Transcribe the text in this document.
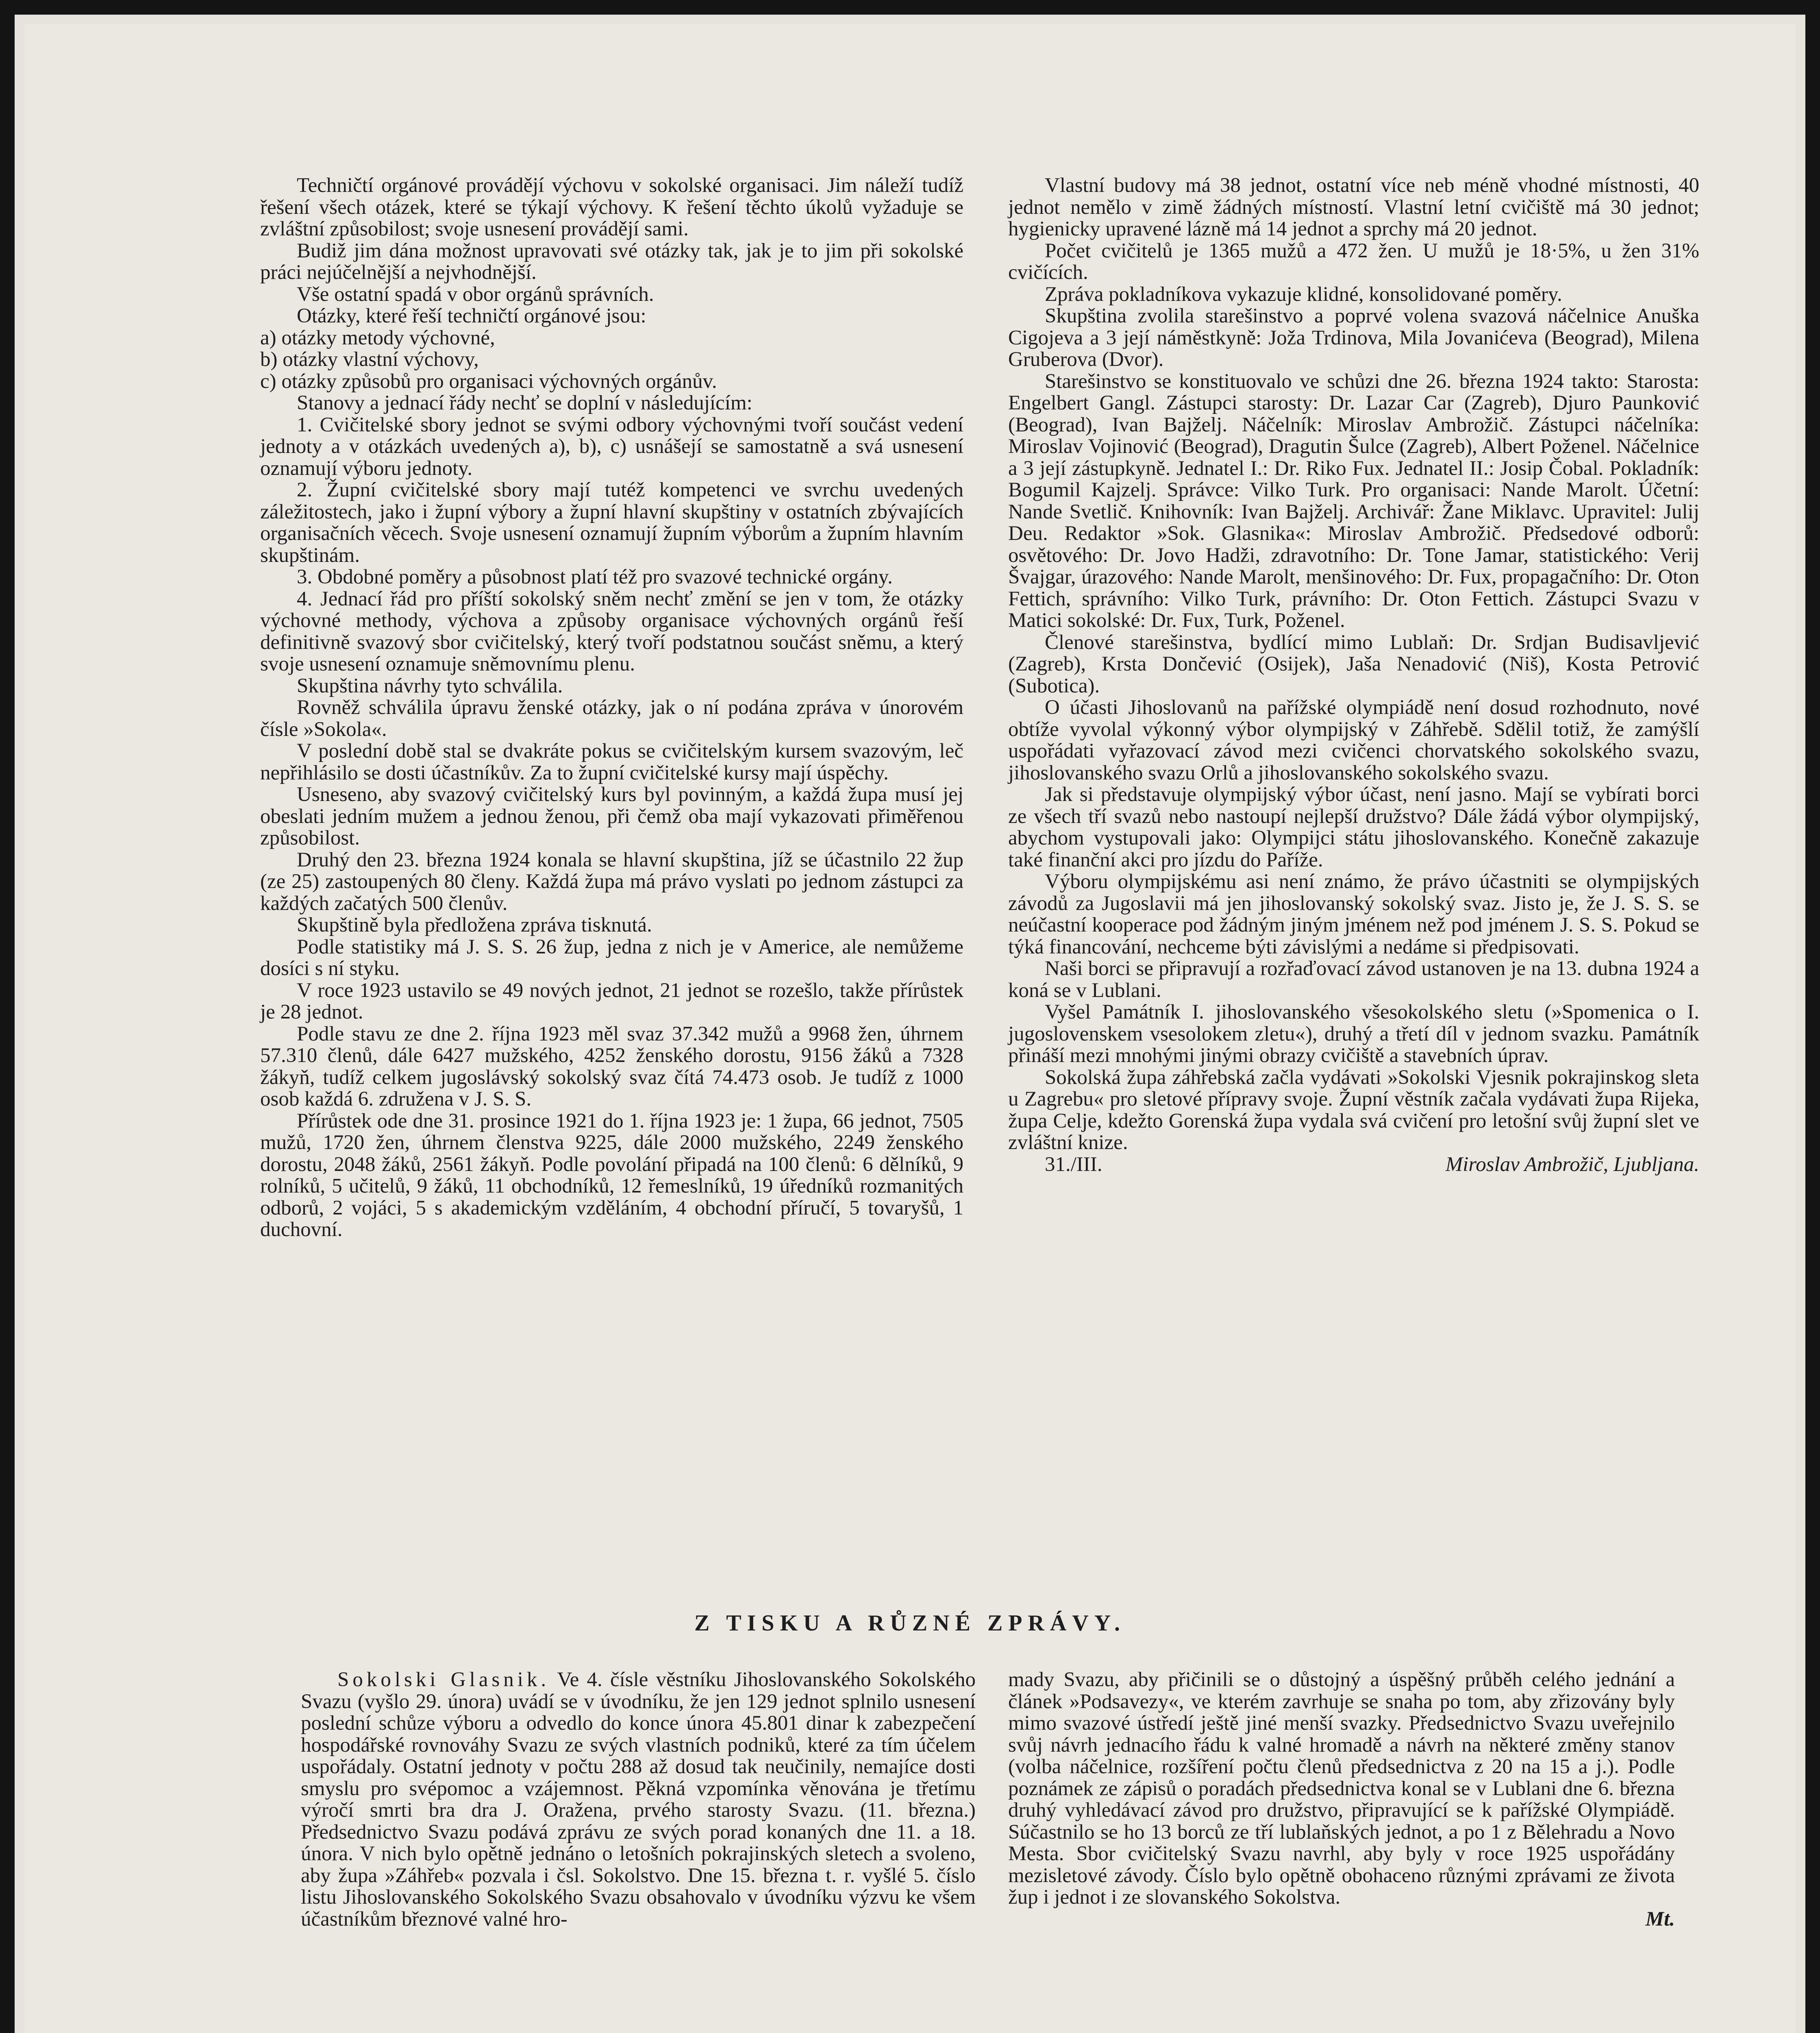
Techničtí orgánové provádějí výchovu v sokolské organisaci. Jim náleží tudíž řešení všech otázek, které se týkají výchovy. K řešení těchto úkolů vyžaduje se zvláštní způsobilost; svoje usnesení provádějí sami.

Budiž jim dána možnost upravovati své otázky tak, jak je to jim při sokolské práci nejúčelnější a nejvhodnější.

Vše ostatní spadá v obor orgánů správních.

Otázky, které řeší techničtí orgánové jsou:

a) otázky metody výchovné,

b) otázky vlastní výchovy,

c) otázky způsobů pro organisaci výchovných orgánův.

Stanovy a jednací řády nechť se doplní v následujícím:

1. Cvičitelské sbory jednot se svými odbory výchovnými tvoří součást vedení jednoty a v otázkách uvedených a), b), c) usnášejí se samostatně a svá usnesení oznamují výboru jednoty.

2. Župní cvičitelské sbory mají tutéž kompetenci ve svrchu uvedených záležitostech, jako i župní výbory a župní hlavní skupštiny v ostatních zbývajících organisačních věcech. Svoje usnesení oznamují župním výborům a župním hlavním skupštinám.

3. Obdobné poměry a působnost platí též pro svazové technické orgány.

4. Jednací řád pro příští sokolský sněm nechť změní se jen v tom, že otázky výchovné methody, výchova a způsoby organisace výchovných orgánů řeší definitivně svazový sbor cvičitelský, který tvoří podstatnou součást sněmu, a který svoje usnesení oznamuje sněmovnímu plenu.

Skupština návrhy tyto schválila.

Rovněž schválila úpravu ženské otázky, jak o ní podána zpráva v únorovém čísle »Sokola«.

V poslední době stal se dvakráte pokus se cvičitelským kursem svazovým, leč nepřihlásilo se dosti účastníkův. Za to župní cvičitelské kursy mají úspěchy.

Usneseno, aby svazový cvičitelský kurs byl povinným, a každá župa musí jej obeslati jedním mužem a jednou ženou, při čemž oba mají vykazovati přiměřenou způsobilost.

Druhý den 23. března 1924 konala se hlavní skupština, jíž se účastnilo 22 žup (ze 25) zastoupených 80 členy. Každá župa má právo vyslati po jednom zástupci za každých začatých 500 členův.

Skupštině byla předložena zpráva tisknutá.

Podle statistiky má J. S. S. 26 žup, jedna z nich je v Americe, ale nemůžeme dosíci s ní styku.

V roce 1923 ustavilo se 49 nových jednot, 21 jednot se rozešlo, takže přírůstek je 28 jednot.

Podle stavu ze dne 2. října 1923 měl svaz 37.342 mužů a 9968 žen, úhrnem 57.310 členů, dále 6427 mužského, 4252 ženského dorostu, 9156 žáků a 7328 žákyň, tudíž celkem jugoslávský sokolský svaz čítá 74.473 osob. Je tudíž z 1000 osob každá 6. združena v J. S. S.

Přírůstek ode dne 31. prosince 1921 do 1. října 1923 je: 1 župa, 66 jednot, 7505 mužů, 1720 žen, úhrnem členstva 9225, dále 2000 mužského, 2249 ženského dorostu, 2048 žáků, 2561 žákyň. Podle povolání připadá na 100 členů: 6 dělníků, 9 rolníků, 5 učitelů, 9 žáků, 11 obchodníků, 12 řemeslníků, 19 úředníků rozmanitých odborů, 2 vojáci, 5 s akademickým vzděláním, 4 obchodní příručí, 5 tovaryšů, 1 duchovní.

Vlastní budovy má 38 jednot, ostatní více neb méně vhodné místnosti, 40 jednot nemělo v zimě žádných místností. Vlastní letní cvičiště má 30 jednot; hygienicky upravené lázně má 14 jednot a sprchy má 20 jednot.

Počet cvičitelů je 1365 mužů a 472 žen. U mužů je 18·5%, u žen 31% cvičících.

Zpráva pokladníkova vykazuje klidné, konsolidované poměry.

Skupština zvolila starešinstvo a poprvé volena svazová náčelnice Anuška Cigojeva a 3 její náměstkyně: Joža Trdinova, Mila Jovanićeva (Beograd), Milena Gruberova (Dvor).

Starešinstvo se konstituovalo ve schůzi dne 26. března 1924 takto: Starosta: Engelbert Gangl. Zástupci starosty: Dr. Lazar Car (Zagreb), Djuro Paunković (Beograd), Ivan Bajželj. Náčelník: Miroslav Ambrožič. Zástupci náčelníka: Miroslav Vojinović (Beograd), Dragutin Šulce (Zagreb), Albert Poženel. Náčelnice a 3 její zástupkyně. Jednatel I.: Dr. Riko Fux. Jednatel II.: Josip Čobal. Pokladník: Bogumil Kajzelj. Správce: Vilko Turk. Pro organisaci: Nande Marolt. Účetní: Nande Svetlič. Knihovník: Ivan Bajželj. Archivář: Žane Miklavc. Upravitel: Julij Deu. Redaktor »Sok. Glasnika«: Miroslav Ambrožič. Předsedové odborů: osvětového: Dr. Jovo Hadži, zdravotního: Dr. Tone Jamar, statistického: Verij Švajgar, úrazového: Nande Marolt, menšinového: Dr. Fux, propagačního: Dr. Oton Fettich, správního: Vilko Turk, právního: Dr. Oton Fettich. Zástupci Svazu v Matici sokolské: Dr. Fux, Turk, Poženel.

Členové starešinstva, bydlící mimo Lublaň: Dr. Srdjan Budisavljević (Zagreb), Krsta Dončević (Osijek), Jaša Nenadović (Niš), Kosta Petrović (Subotica).

O účasti Jihoslovanů na pařížské olympiádě není dosud rozhodnuto, nové obtíže vyvolal výkonný výbor olympijský v Záhřebě. Sdělil totiž, že zamýšlí uspořádati vyřazovací závod mezi cvičenci chorvatského sokolského svazu, jihoslovanského svazu Orlů a jihoslovanského sokolského svazu.

Jak si představuje olympijský výbor účast, není jasno. Mají se vybírati borci ze všech tří svazů nebo nastoupí nejlepší družstvo? Dále žádá výbor olympijský, abychom vystupovali jako: Olympijci státu jihoslovanského. Konečně zakazuje také finanční akci pro jízdu do Paříže.

Výboru olympijskému asi není známo, že právo účastniti se olympijských závodů za Jugoslavii má jen jihoslovanský sokolský svaz. Jisto je, že J. S. S. se neúčastní kooperace pod žádným jiným jménem než pod jménem J. S. S. Pokud se týká financování, nechceme býti závislými a nedáme si předpisovati.

Naši borci se připravují a rozřaďovací závod ustanoven je na 13. dubna 1924 a koná se v Lublani.

Vyšel Památník I. jihoslovanského všesokolského sletu (»Spomenica o I. jugoslovenskem vsesolokem zletu«), druhý a třetí díl v jednom svazku. Památník přináší mezi mnohými jinými obrazy cvičiště a stavebních úprav.

Sokolská župa záhřebská začla vydávati »Sokolski Vjesnik pokrajinskog sleta u Zagrebu« pro sletové přípravy svoje. Župní věstník začala vydávati župa Rijeka, župa Celje, kdežto Gorenská župa vydala svá cvičení pro letošní svůj župní slet ve zvláštní knize.

31./III.	Miroslav Ambrožič, Ljubljana.

Z TISKU A RŮZNÉ ZPRÁVY.

Sokolski Glasnik. Ve 4. čísle věstníku Jihoslovanského Sokolského Svazu (vyšlo 29. února) uvádí se v úvodníku, že jen 129 jednot splnilo usnesení poslední schůze výboru a odvedlo do konce února 45.801 dinar k zabezpečení hospodářské rovnováhy Svazu ze svých vlastních podniků, které za tím účelem uspořádaly. Ostatní jednoty v počtu 288 až dosud tak neučinily, nemajíce dosti smyslu pro svépomoc a vzájemnost. Pěkná vzpomínka věnována je třetímu výročí smrti bra dra J. Oražena, prvého starosty Svazu. (11. března.) Předsednictvo Svazu podává zprávu ze svých porad konaných dne 11. a 18. února. V nich bylo opětně jednáno o letošních pokrajinských sletech a svoleno, aby župa »Záhřeb« pozvala i čsl. Sokolstvo. Dne 15. března t. r. vyšlé 5. číslo listu Jihoslovanského Sokolského Svazu obsahovalo v úvodníku výzvu ke všem účastníkům březnové valné hro-

mady Svazu, aby přičinili se o důstojný a úspěšný průběh celého jednání a článek »Podsavezy«, ve kterém zavrhuje se snaha po tom, aby zřizovány byly mimo svazové ústředí ještě jiné menší svazky. Předsednictvo Svazu uveřejnilo svůj návrh jednacího řádu k valné hromadě a návrh na některé změny stanov (volba náčelnice, rozšíření počtu členů předsednictva z 20 na 15 a j.). Podle poznámek ze zápisů o poradách předsednictva konal se v Lublani dne 6. března druhý vyhledávací závod pro družstvo, připravující se k pařížské Olympiádě. Súčastnilo se ho 13 borců ze tří lublaňských jednot, a po 1 z Bělehradu a Novo Mesta. Sbor cvičitelský Svazu navrhl, aby byly v roce 1925 uspořádány mezisletové závody. Číslo bylo opětně obohaceno různými zprávami ze života žup i jednot i ze slovanského Sokolstva.

Mt.
